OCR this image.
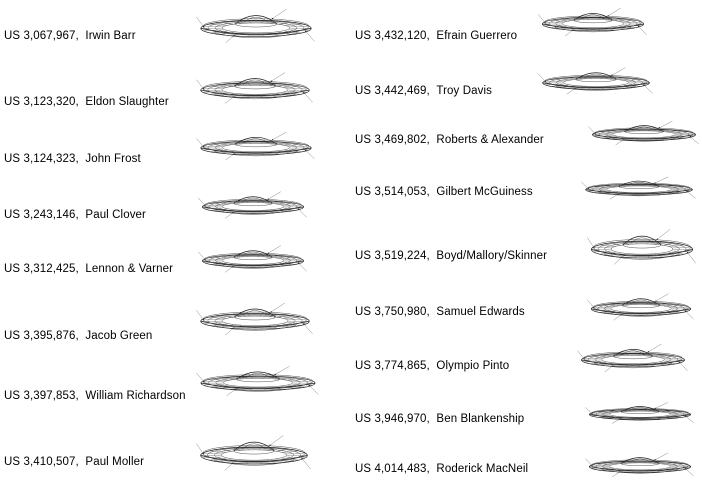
US 3,067,967, Irwin Barr
US 3,123,320, Eldon Slaughter
US 3,124,323, John Frost
US 3,243,146, Paul Clover
US 3,312,425, Lennon & Varner
US 3,395,876, Jacob Green
US 3,397,853, William Richardson
US 3,410,507, Paul Moller
US 3,432,120, Efrain Guerrero
US 3,442,469, Troy Davis
US 3,469,802, Roberts & Alexander
US 3,514,053, Gilbert McGuiness
US 3,519,224, Boyd/Mallory/Skinner
US 3,750,980, Samuel Edwards
US 3,774,865, Olympio Pinto
US 3,946,970, Ben Blankenship
US 4,014,483, Roderick MacNeil
